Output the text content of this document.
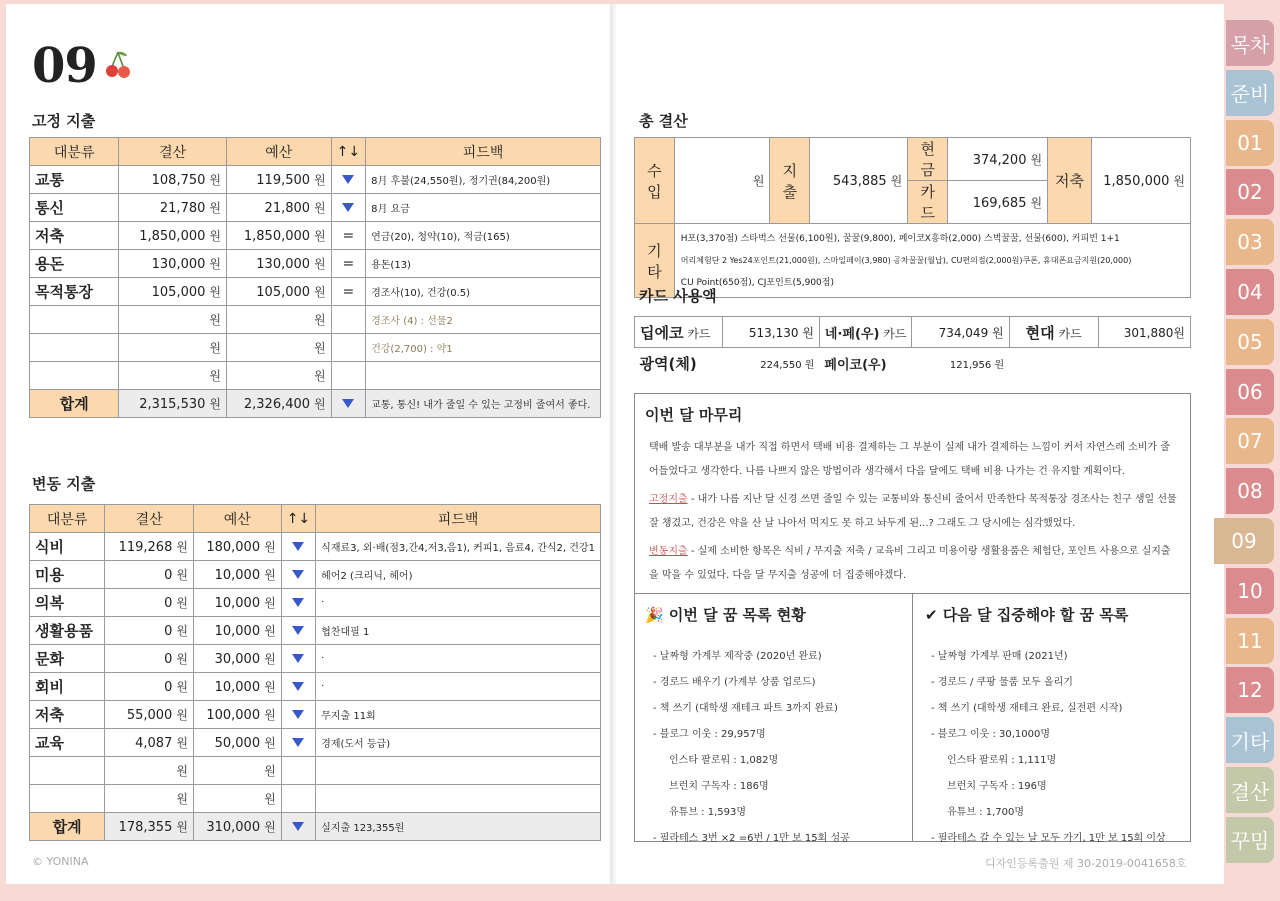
09
고정 지출
대분류	결산	예산	↑↓	피드백
교통	108,750 원	119,500 원		8月 후불(24,550원), 정기권(84,200원)
통신	21,780 원	21,800 원		8月 요금
저축	1,850,000 원	1,850,000 원	=	연금(20), 청약(10), 적금(165)
용돈	130,000 원	130,000 원	=	용돈(13)
목적통장	105,000 원	105,000 원	=	경조사(10), 건강(0.5)
	원	원		경조사 (4) : 선물2
	원	원		건강(2,700) : 약1
	원	원		
합계	2,315,530 원	2,326,400 원		교통, 통신! 내가 줄일 수 있는 고정비 줄여서 좋다.
변동 지출
대분류	결산	예산	↑↓	피드백
식비	119,268 원	180,000 원		식재료3, 외·배(점3,간4,저3,음1), 커피1, 음료4, 간식2, 건강1
미용	0 원	10,000 원		헤어2 (크리닉, 헤어)
의복	0 원	10,000 원		·
생활용품	0 원	10,000 원		협찬대필 1
문화	0 원	30,000 원		·
회비	0 원	10,000 원		·
저축	55,000 원	100,000 원		무지출 11회
교육	4,087 원	50,000 원		경제(도서 등급)
	원	원		
	원	원		
합계	178,355 원	310,000 원		실지출 123,355원
© YONINA
총 결산
수입	원	지출	543,885 원	현금	374,200 원	저축	1,850,000 원
				카드	169,685 원		
기타	H포(3,370점) 스타벅스 선물(6,100원), 꿀꿀(9,800), 페이코X흥하(2,000) 스벅꿀꿀, 선물(600), 커피빈 1+1
머리체험단 2 Yes24포인트(21,000원), 스마일페이(3,980) 공차꿀꿀(월납), CU편의점(2,000원)쿠폰, 휴대폰요금지원(20,000)
CU Point(650점), CJ포인트(5,900점)						
카드 사용액
딥에코 카드	513,130 원	네·페(우) 카드	734,049 원	현대 카드	301,880원
광역(체)	224,550 원	페이코(우)	121,956 원		
이번 달 마무리

택배 발송 대부분을 내가 직접 하면서 택배 비용 결제하는 그 부분이 실제 내가 결제하는 느낌이 커서 자연스레 소비가 줄어들었다고 생각한다. 나름 나쁘지 않은 방법이라 생각해서 다음 달에도 택배 비용 나가는 건 유지할 계획이다.

고정지출 - 내가 나름 지난 달 신경 쓰면 줄일 수 있는 교통비와 통신비 줄어서 만족한다 목적통장 경조사는 친구 생일 선물 잘 챙겼고, 건강은 약을 산 날 나아서 먹지도 못 하고 놔두게 된...? 그래도 그 당시에는 심각했었다.

변동지출 - 실제 소비한 항목은 식비 / 무지출 저축 / 교육비 그리고 미용이랑 생활용품은 체험단, 포인트 사용으로 실지출을 막을 수 있었다. 다음 달 무지출 성공에 더 집중해야겠다.

🎉 이번 달 꿈 목록 현황
- 날짜형 가계부 제작중 (2020년 완료)
- 경로드 배우기 (가계부 상품 업로드)
- 책 쓰기 (대학생 재테크 파트 3까지 완료)
- 블로그 이웃 : 29,957명
인스타 팔로워 : 1,082명
브런치 구독자 : 186명
유튜브 : 1,593명
- 필라테스 3번 ×2 =6번 / 1만 보 15회 성공
✔ 다음 달 집중해야 할 꿈 목록
- 날짜형 가계부 판매 (2021년)
- 경로드 / 쿠팡 물품 모두 올리기
- 책 쓰기 (대학생 재테크 완료, 실전편 시작)
- 블로그 이웃 : 30,1000명
인스타 팔로워 : 1,111명
브런치 구독자 : 196명
유튜브 : 1,700명
- 필라테스 갈 수 있는 날 모두 가기, 1만 보 15회 이상
디자인등록출원 제 30-2019-0041658호
목차
준비
01
02
03
04
05
06
07
08
09
10
11
12
기타
결산
꾸밈
